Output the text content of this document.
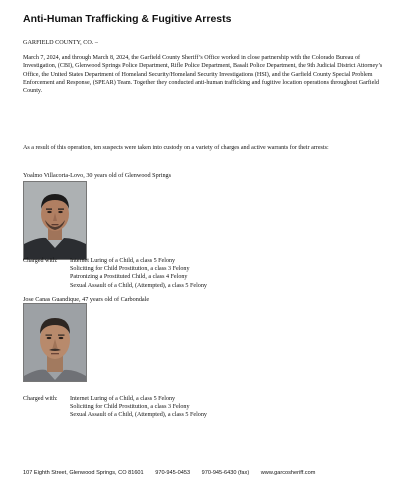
Anti-Human Trafficking & Fugitive Arrests
GARFIELD COUNTY, CO. –
March 7, 2024, and through March 8, 2024, the Garfield County Sheriff’s Office worked in close partnership with the Colorado Bureau of Investigation, (CBI), Glenwood Springs Police Department, Rifle Police Department, Basalt Police Department, the 9th Judicial District Attorney’s Office, the United States Department of Homeland Security/Homeland Security Investigations (HSI), and the Garfield County Special Problem Enforcement and Response, (SPEAR) Team. Together they conducted anti-human trafficking and fugitive location operations throughout Garfield County.
As a result of this operation, ten suspects were taken into custody on a variety of charges and active warrants for their arrests:
Yoalmo Villacorta-Lovo, 30 years old of Glenwood Springs
Charged with: Internet Luring of a Child, a class 5 Felony
Soliciting for Child Prostitution, a class 3 Felony
Patronizing a Prostituted Child, a class 4 Felony
Sexual Assault of a Child, (Attempted), a class 5 Felony
Jose Canas Guandique, 47 years old of Carbondale
Charged with: Internet Luring of a Child, a class 5 Felony
Soliciting for Child Prostitution, a class 3 Felony
Sexual Assault of a Child, (Attempted), a class 5 Felony
107 Eighth Street, Glenwood Springs, CO 81601 970-945-0453 970-945-6430 (fax) www.garcosheriff.com
